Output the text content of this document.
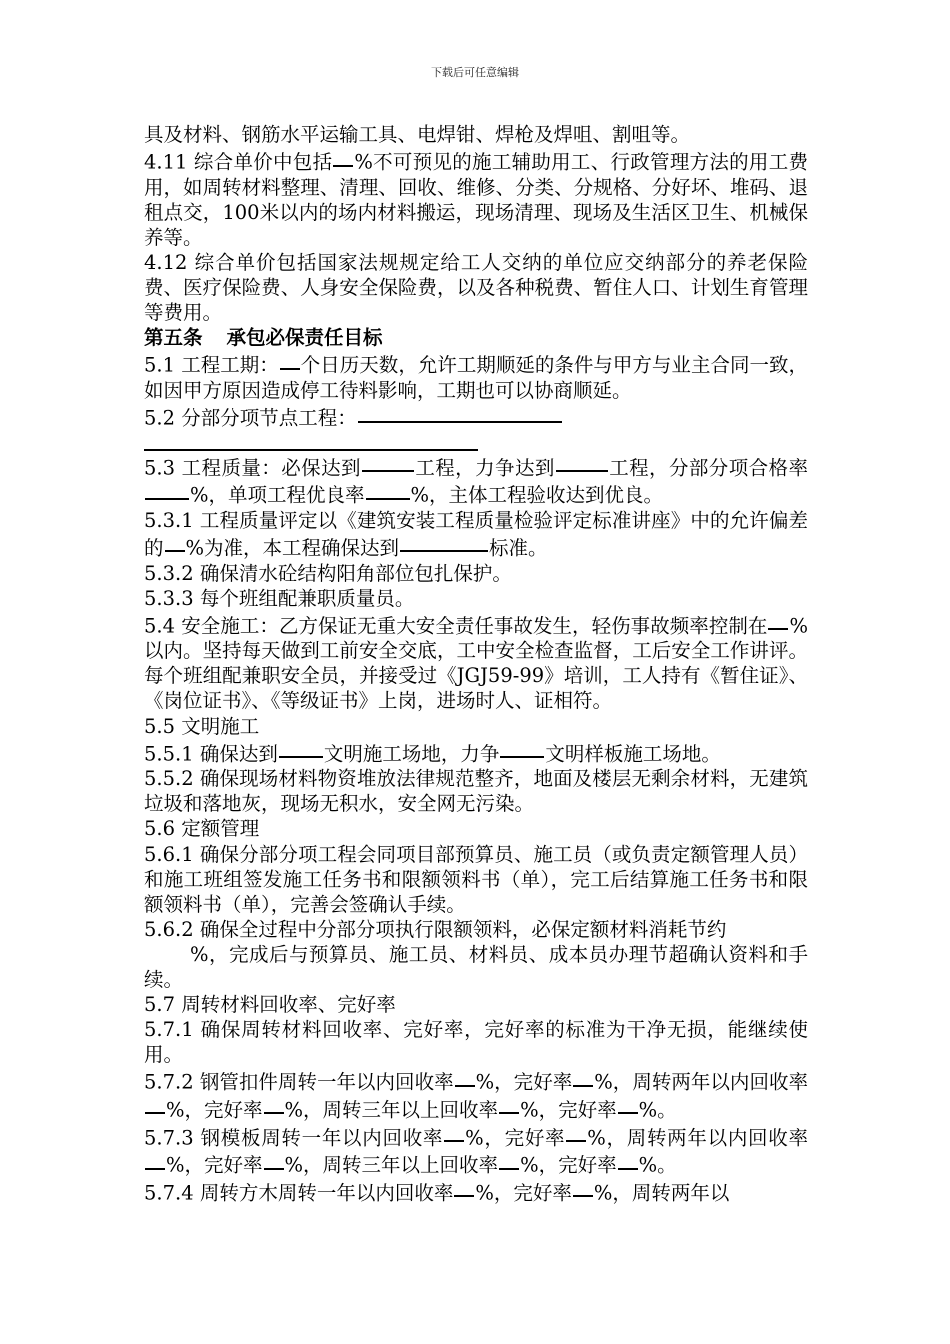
下载后可任意编辑

具及材料、钢筋水平运输工具、电焊钳、焊枪及焊咀、割咀等。

4.11 综合单价中包括 %不可预见的施工辅助用工、行政管理方法的用工费用，如周转材料整理、清理、回收、维修、分类、分规格、分好坏、堆码、退租点交，100米以内的场内材料搬运，现场清理、现场及生活区卫生、机械保养等。

4.12 综合单价包括国家法规规定给工人交纳的单位应交纳部分的养老保险费、医疗保险费、人身安全保险费，以及各种税费、暂住人口、计划生育管理等费用。

第五条 承包必保责任目标

5.1 工程工期： 个日历天数，允许工期顺延的条件与甲方与业主合同一致，如因甲方原因造成停工待料影响，工期也可以协商顺延。

5.2 分部分项节点工程：

5.3 工程质量：必保达到	工程，力争达到	工程，分部分项合格率%，单项工程优良率 %，主体工程验收达到优良。

5.3.1 工程质量评定以《建筑安装工程质量检验评定标准讲座》中的允许偏差的 %为准，本工程确保达到	标准。

5.3.2 确保清水砼结构阳角部位包扎保护。

5.3.3 每个班组配兼职质量员。

5.4 安全施工：乙方保证无重大安全责任事故发生，轻伤事故频率控制在 %以内。坚持每天做到工前安全交底，工中安全检查监督，工后安全工作讲评。每个班组配兼职安全员，并接受过《JGJ59-99》培训，工人持有《暂住证》、《岗位证书》、《等级证书》上岗，进场时人、证相符。

5.5 文明施工

5.5.1 确保达到 文明施工场地，力争 文明样板施工场地。

5.5.2 确保现场材料物资堆放法律规范整齐，地面及楼层无剩余材料，无建筑垃圾和落地灰，现场无积水，安全网无污染。

5.6 定额管理

5.6.1 确保分部分项工程会同项目部预算员、施工员（或负责定额管理人员）和施工班组签发施工任务书和限额领料书（单），完工后结算施工任务书和限额领料书（单），完善会签确认手续。

5.6.2 确保全过程中分部分项执行限额领料，必保定额材料消耗节约
%，完成后与预算员、施工员、材料员、成本员办理节超确认资料和手续。

5.7 周转材料回收率、完好率

5.7.1 确保周转材料回收率、完好率，完好率的标准为干净无损，能继续使用。

5.7.2 钢管扣件周转一年以内回收率 %，完好率 %，周转两年以内回收率%，完好率 %，周转三年以上回收率 %，完好率 %。

5.7.3 钢模板周转一年以内回收率 %，完好率 %，周转两年以内回收率%，完好率 %，周转三年以上回收率 %，完好率 %。

5.7.4 周转方木周转一年以内回收率 %，完好率 %，周转两年以
